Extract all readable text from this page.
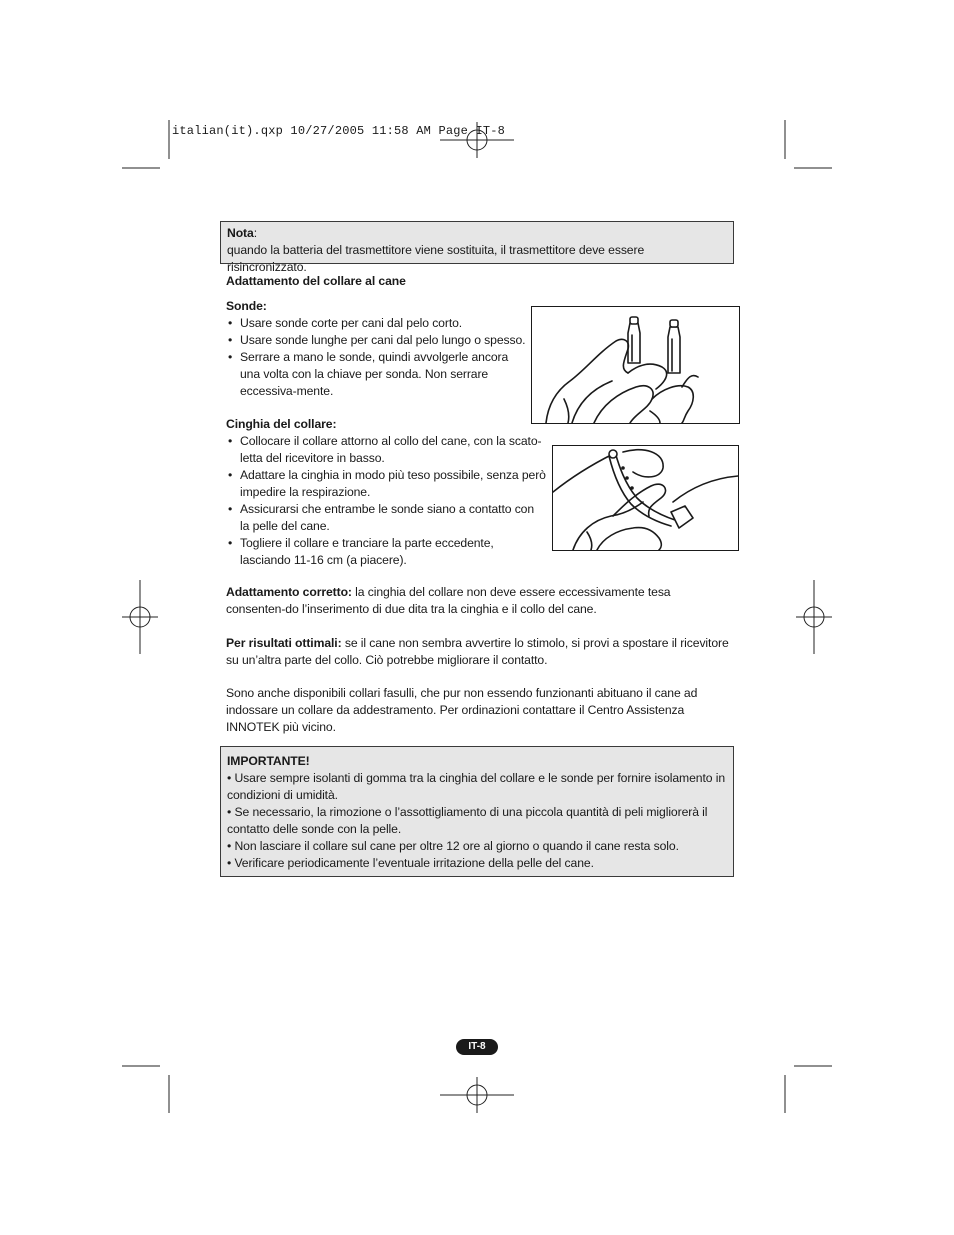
italian(it).qxp 10/27/2005 11:58 AM Page IT-8
Nota:
quando la batteria del trasmettitore viene sostituita, il trasmettitore deve essere risincronizzato.
Adattamento del collare al cane
Sonde:
• Usare sonde corte per cani dal pelo corto.
• Usare sonde lunghe per cani dal pelo lungo o spesso.
• Serrare a mano le sonde, quindi avvolgerle ancora una volta con la chiave per sonda. Non serrare eccessiva-mente.
Cinghia del collare:
• Collocare il collare attorno al collo del cane, con la scato-letta del ricevitore in basso.
• Adattare la cinghia in modo più teso possibile, senza però impedire la respirazione.
• Assicurarsi che entrambe le sonde siano a contatto con la pelle del cane.
• Togliere il collare e tranciare la parte eccedente, lasciando 11-16 cm (a piacere).
Adattamento corretto: la cinghia del collare non deve essere eccessivamente tesa consenten-do l’inserimento di due dita tra la cinghia e il collo del cane.
Per risultati ottimali: se il cane non sembra avvertire lo stimolo, si provi a spostare il ricevitore su un’altra parte del collo. Ciò potrebbe migliorare il contatto.
Sono anche disponibili collari fasulli, che pur non essendo funzionanti abituano il cane ad indossare un collare da addestramento. Per ordinazioni contattare il Centro Assistenza INNOTEK più vicino.
IMPORTANTE!
• Usare sempre isolanti di gomma tra la cinghia del collare e le sonde per fornire isolamento in condizioni di umidità.
• Se necessario, la rimozione o l’assottigliamento di una piccola quantità di peli migliorerà il contatto delle sonde con la pelle.
• Non lasciare il collare sul cane per oltre 12 ore al giorno o quando il cane resta solo.
• Verificare periodicamente l’eventuale irritazione della pelle del cane.
IT-8
